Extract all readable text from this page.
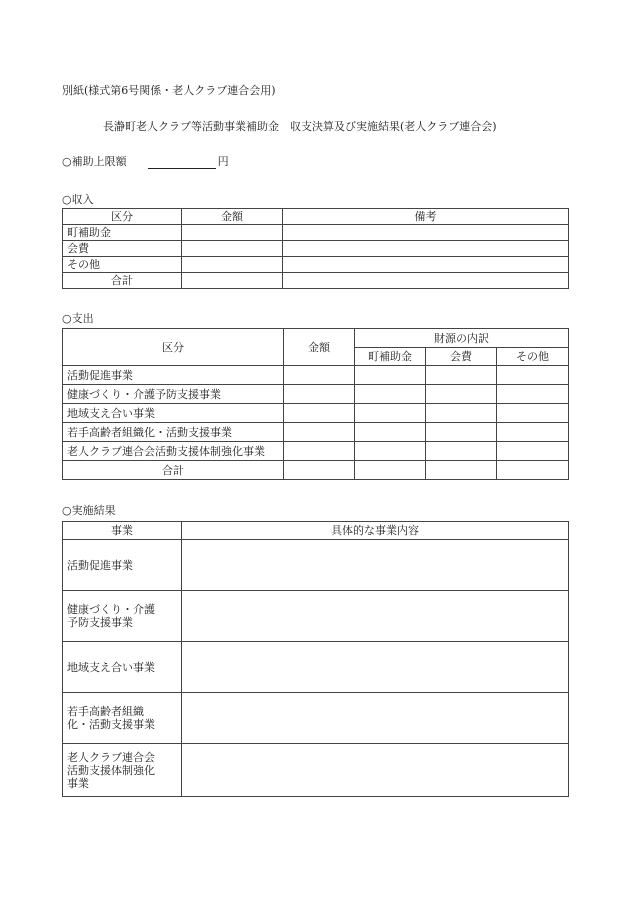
別紙(様式第6号関係・老人クラブ連合会用)
長瀞町老人クラブ等活動事業補助金　収支決算及び実施結果(老人クラブ連合会)
○補助上限額	円
○収入
区分	金額	備考
町補助金		
会費		
その他		
合計		
○支出
区分	金額	財源の内訳		
		町補助金	会費	その他
活動促進事業				
健康づくり・介護予防支援事業				
地域支え合い事業				
若手高齢者組織化・活動支援事業				
老人クラブ連合会活動支援体制強化事業				
合計				
○実施結果
事業	具体的な事業内容

活動促進事業	

健康づくり・介護
予防支援事業	

地域支え合い事業	

若手高齢者組織
化・活動支援事業	

老人クラブ連合会
活動支援体制強化
事業	
